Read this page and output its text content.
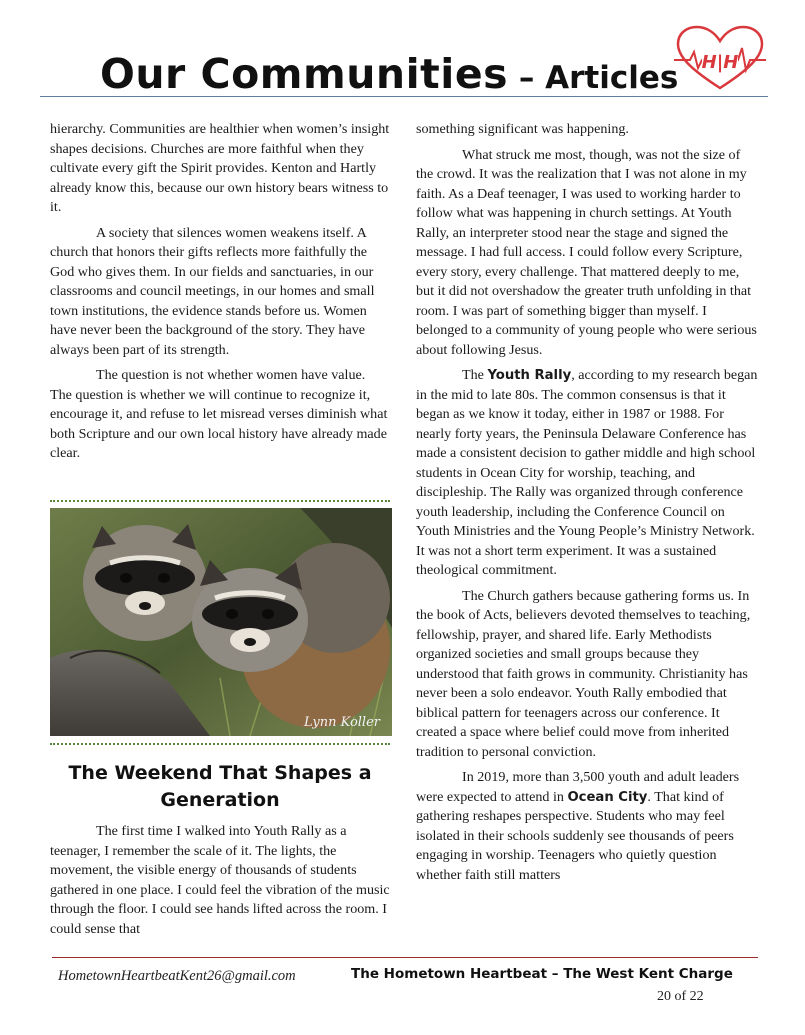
Our Communities – Articles	H|H

hierarchy. Communities are healthier when women’s insight shapes decisions. Churches are more faithful when they cultivate every gift the Spirit provides. Kenton and Hartly already know this, because our own history bears witness to it.

A society that silences women weakens itself. A church that honors their gifts reflects more faithfully the God who gives them. In our fields and sanctuaries, in our classrooms and council meetings, in our homes and small town institutions, the evidence stands before us. Women have never been the background of the story. They have always been part of its strength.

The question is not whether women have value. The question is whether we will continue to recognize it, encourage it, and refuse to let misread verses diminish what both Scripture and our own local history have already made clear.

Lynn Koller
The Weekend That Shapes a Generation

The first time I walked into Youth Rally as a teenager, I remember the scale of it. The lights, the movement, the visible energy of thousands of students gathered in one place. I could feel the vibration of the music through the floor. I could see hands lifted across the room. I could sense that

something significant was happening.

What struck me most, though, was not the size of the crowd. It was the realization that I was not alone in my faith. As a Deaf teenager, I was used to working harder to follow what was happening in church settings. At Youth Rally, an interpreter stood near the stage and signed the message. I had full access. I could follow every Scripture, every story, every challenge. That mattered deeply to me, but it did not overshadow the greater truth unfolding in that room. I was part of something bigger than myself. I belonged to a community of young people who were serious about following Jesus.

The Youth Rally, according to my research began in the mid to late 80s. The common consensus is that it began as we know it today, either in 1987 or 1988. For nearly forty years, the Peninsula Delaware Conference has made a consistent decision to gather middle and high school students in Ocean City for worship, teaching, and discipleship. The Rally was organized through conference youth leadership, including the Conference Council on Youth Ministries and the Young People’s Ministry Network. It was not a short term experiment. It was a sustained theological commitment.

The Church gathers because gathering forms us. In the book of Acts, believers devoted themselves to teaching, fellowship, prayer, and shared life. Early Methodists organized societies and small groups because they understood that faith grows in community. Christianity has never been a solo endeavor. Youth Rally embodied that biblical pattern for teenagers across our conference. It created a space where belief could move from inherited tradition to personal conviction.

In 2019, more than 3,500 youth and adult leaders were expected to attend in Ocean City. That kind of gathering reshapes perspective. Students who may feel isolated in their schools suddenly see thousands of peers engaging in worship. Teenagers who quietly question whether faith still matters

HometownHeartbeatKent26@gmail.com	The Hometown Heartbeat – The West Kent Charge
20 of 22
